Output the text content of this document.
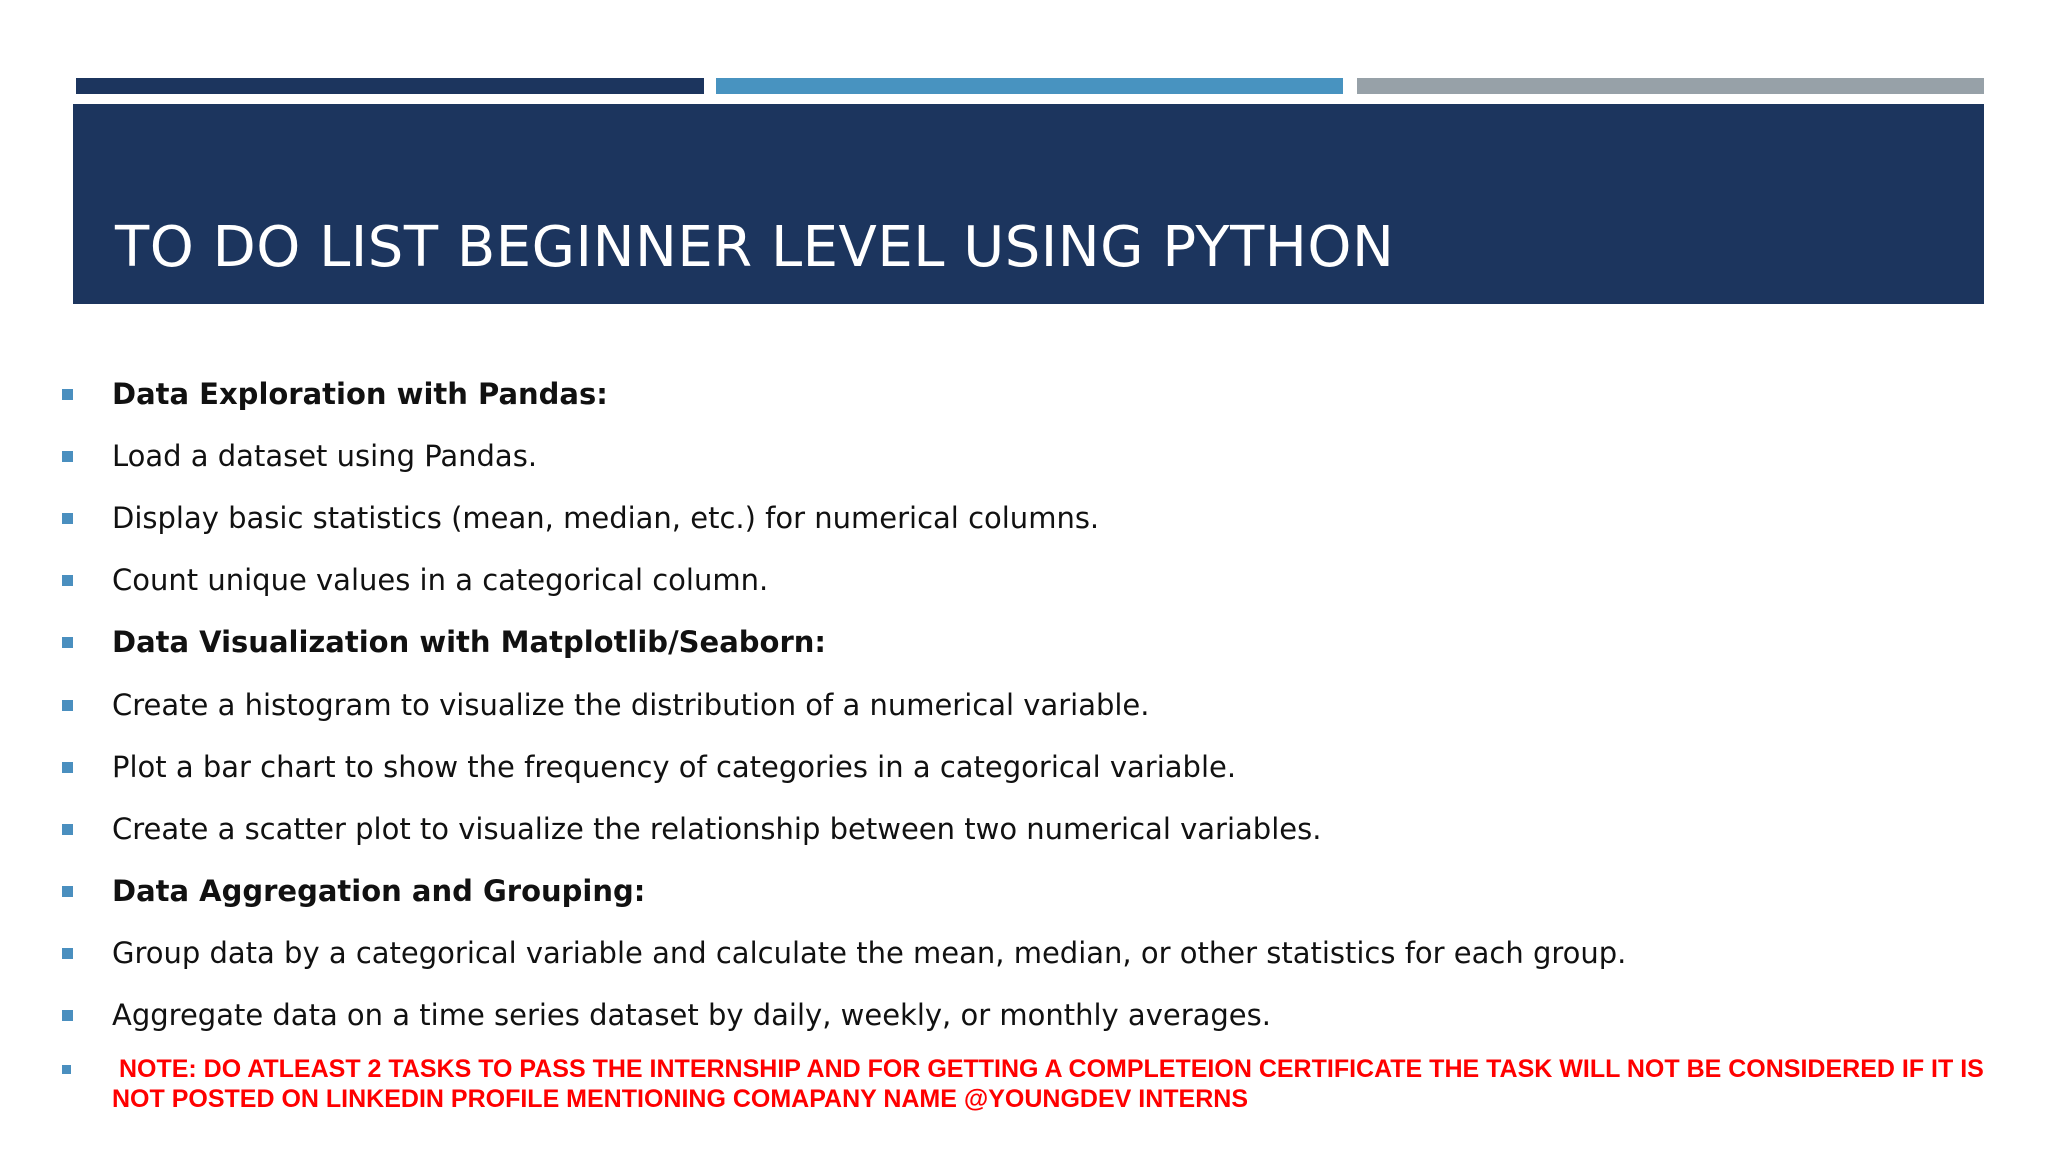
TO DO LIST BEGINNER LEVEL USING PYTHON
Data Exploration with Pandas:
Load a dataset using Pandas.
Display basic statistics (mean, median, etc.) for numerical columns.
Count unique values in a categorical column.
Data Visualization with Matplotlib/Seaborn:
Create a histogram to visualize the distribution of a numerical variable.
Plot a bar chart to show the frequency of categories in a categorical variable.
Create a scatter plot to visualize the relationship between two numerical variables.
Data Aggregation and Grouping:
Group data by a categorical variable and calculate the mean, median, or other statistics for each group.
Aggregate data on a time series dataset by daily, weekly, or monthly averages.
NOTE: DO ATLEAST 2 TASKS TO PASS THE INTERNSHIP AND FOR GETTING A COMPLETEION CERTIFICATE THE TASK WILL NOT BE CONSIDERED IF IT IS    NOT POSTED ON LINKEDIN PROFILE MENTIONING COMAPANY NAME @YOUNGDEV INTERNS
